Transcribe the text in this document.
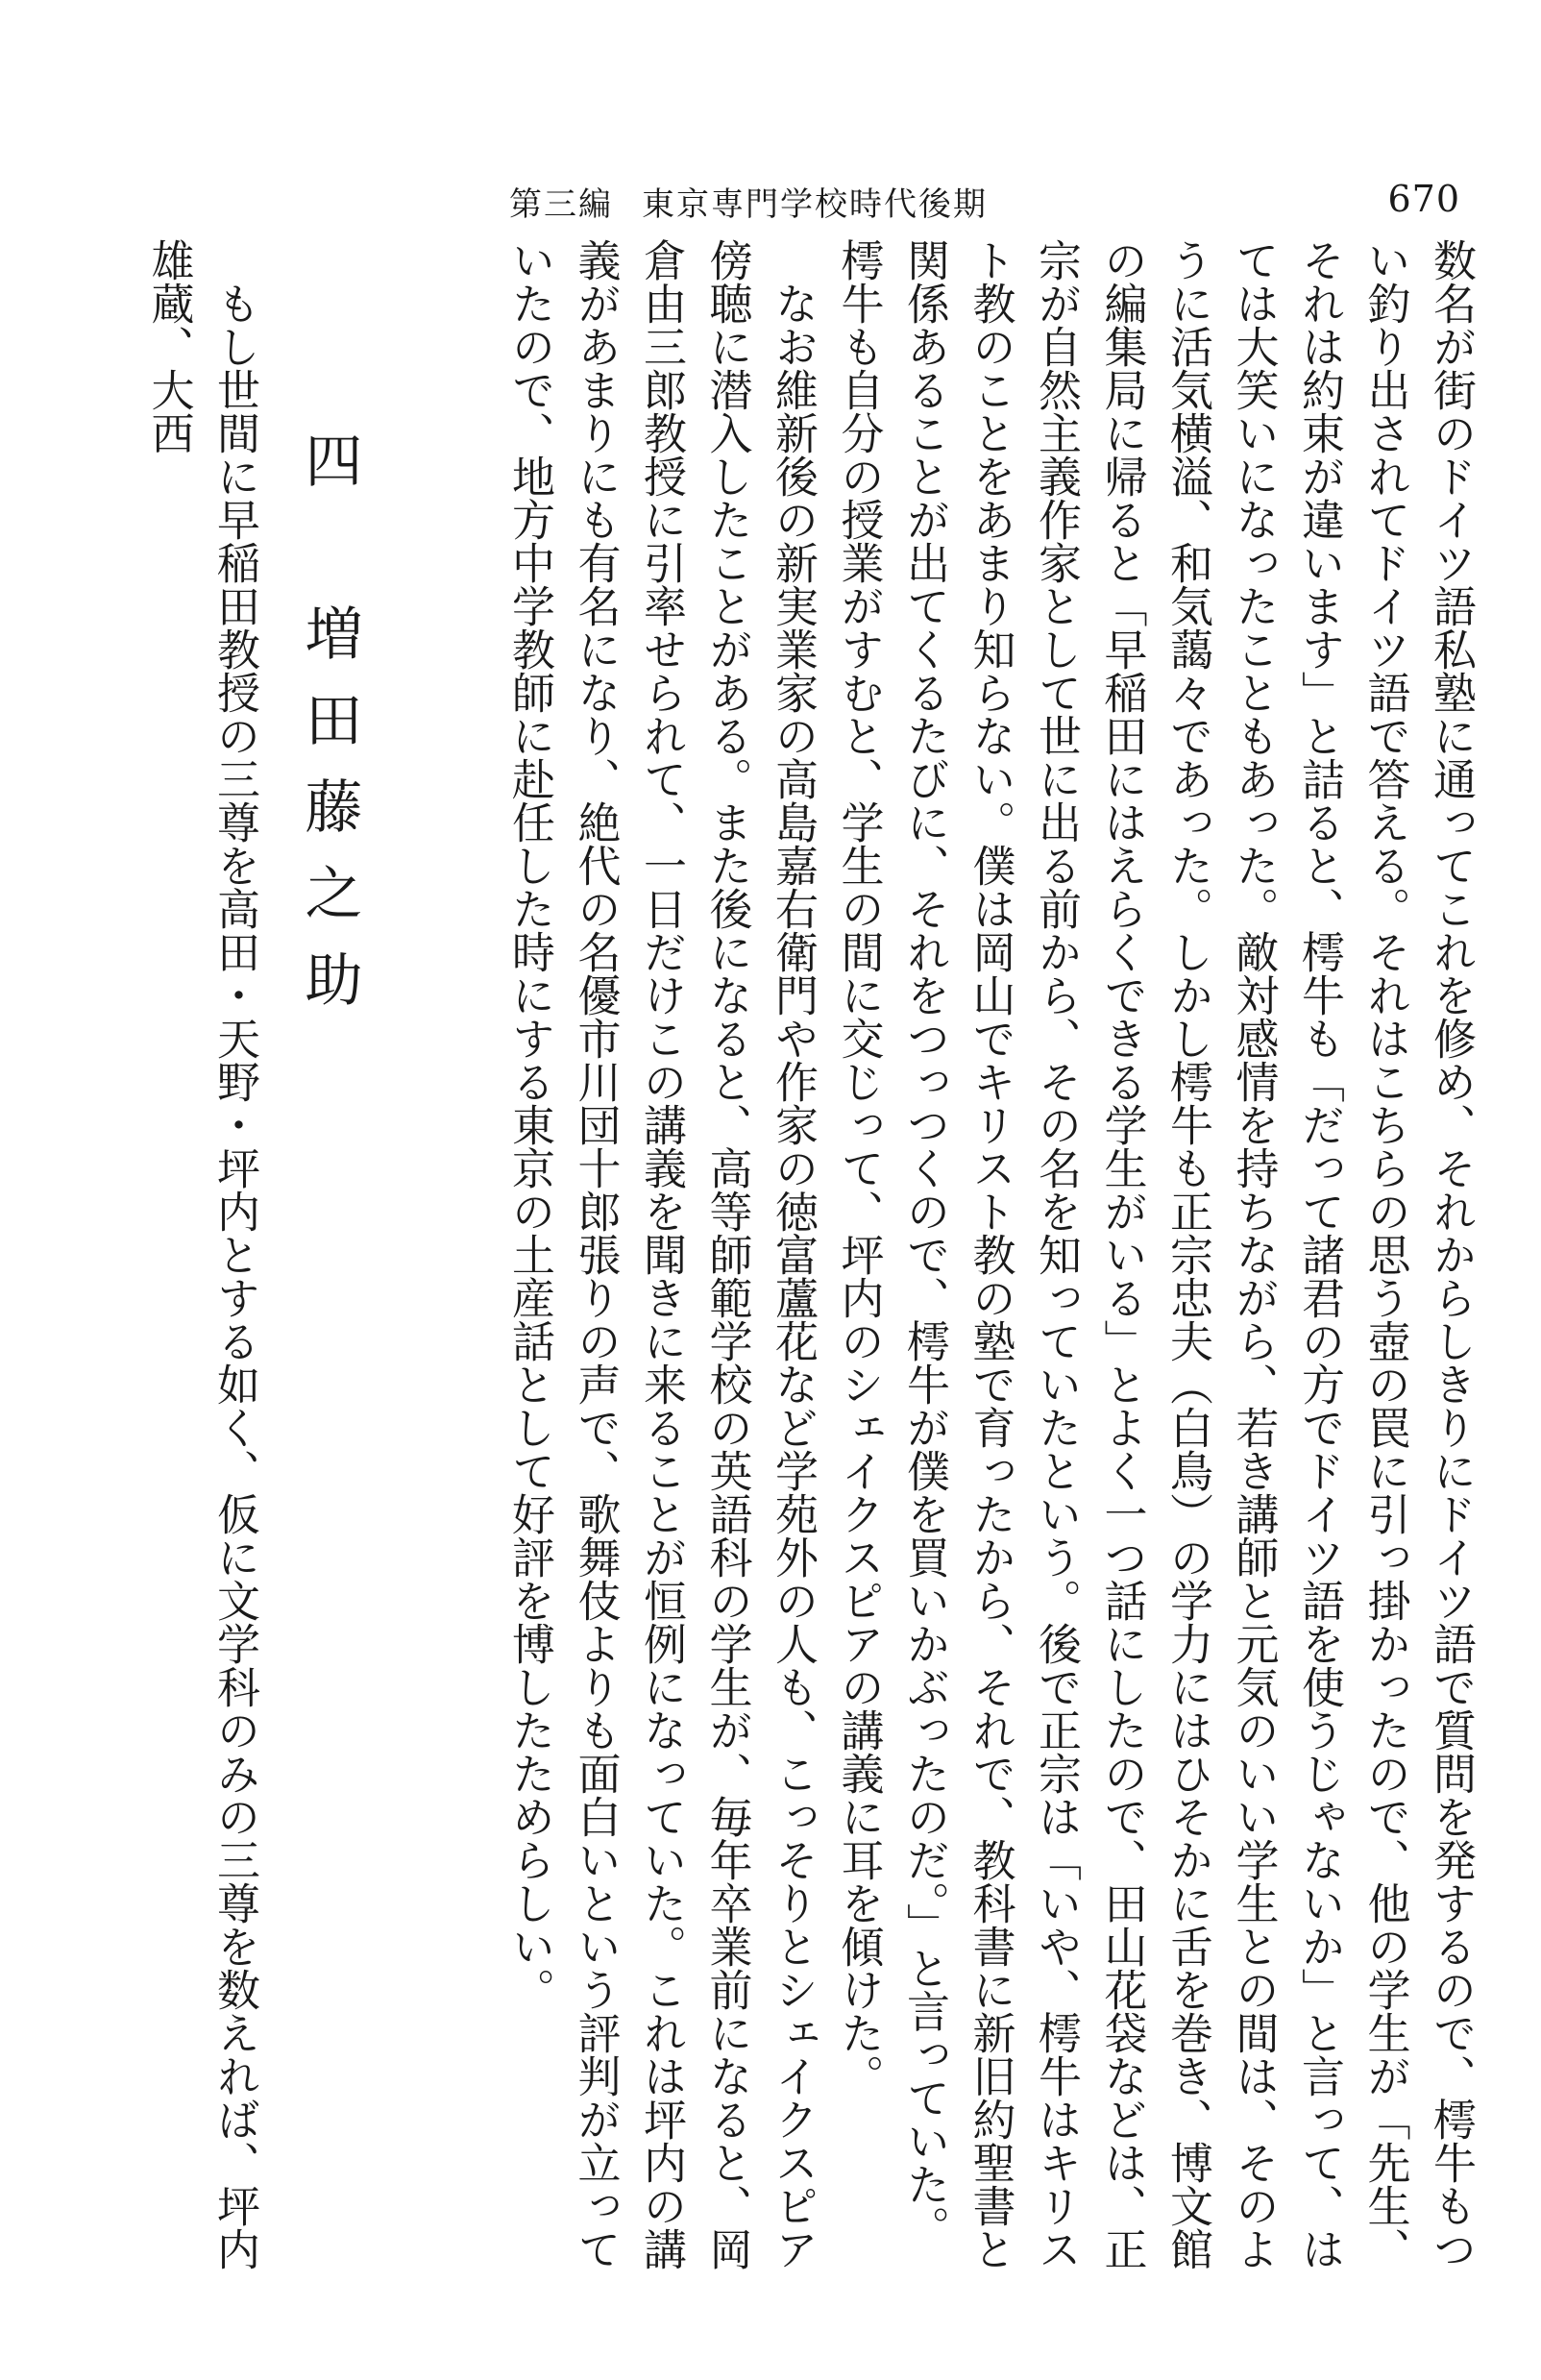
第三編 東京専門学校時代後期	670

数名が街のドイツ語私塾に通ってこれを修め、それからしきりにドイツ語で質問を発するので、樗牛もつい釣り出されてドイツ語で答える。それはこちらの思う壺の罠に引っ掛かったので、他の学生が「先生、それは約束が違います」と詰ると、樗牛も「だって諸君の方でドイツ語を使うじゃないか」と言って、はては大笑いになったこともあった。敵対感情を持ちながら、若き講師と元気のいい学生との間は、そのように活気横溢、和気藹々であった。しかし樗牛も正宗忠夫（白鳥）の学力にはひそかに舌を巻き、博文館の編集局に帰ると「早稲田にはえらくできる学生がいる」とよく一つ話にしたので、田山花袋などは、正宗が自然主義作家として世に出る前から、その名を知っていたという。後で正宗は「いや、樗牛はキリスト教のことをあまり知らない。僕は岡山でキリスト教の塾で育ったから、それで、教科書に新旧約聖書と関係あることが出てくるたびに、それをつっつくので、樗牛が僕を買いかぶったのだ。」と言っていた。樗牛も自分の授業がすむと、学生の間に交じって、坪内のシェイクスピアの講義に耳を傾けた。

なお維新後の新実業家の高島嘉右衛門や作家の徳富蘆花など学苑外の人も、こっそりとシェイクスピア傍聴に潜入したことがある。また後になると、高等師範学校の英語科の学生が、毎年卒業前になると、岡倉由三郎教授に引率せられて、一日だけこの講義を聞きに来ることが恒例になっていた。これは坪内の講義があまりにも有名になり、絶代の名優市川団十郎張りの声で、歌舞伎よりも面白いという評判が立っていたので、地方中学教師に赴任した時にする東京の土産話として好評を博したためらしい。

四　増田藤之助

もし世間に早稲田教授の三尊を高田・天野・坪内とする如く、仮に文学科のみの三尊を数えれば、坪内雄蔵、大西
